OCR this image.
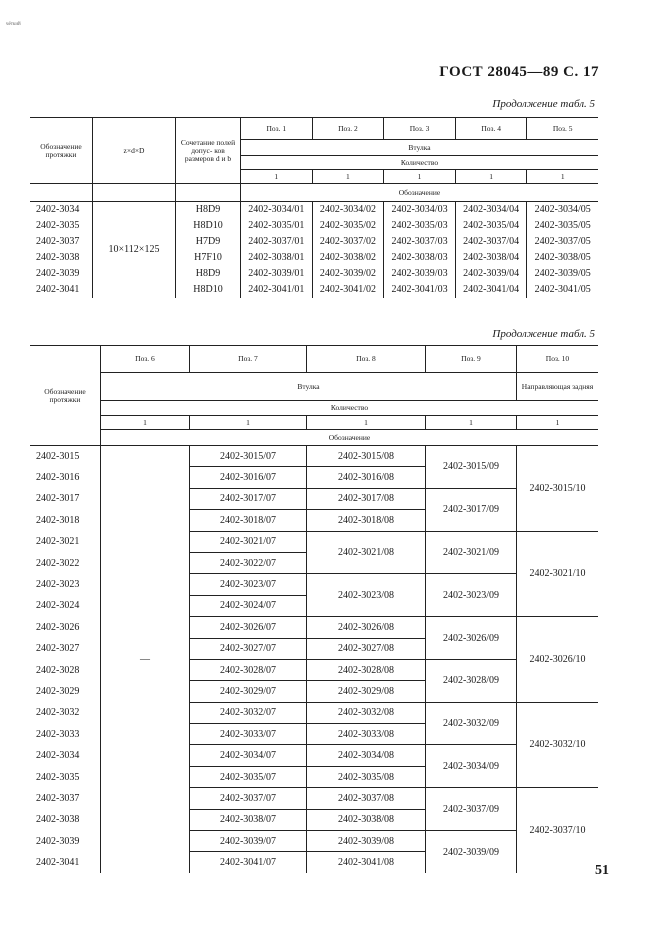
чёткий
ГОСТ 28045—89 С. 17
Продолжение табл. 5
Обозначение протяжки	z×d×D	Сочетание полей допус- ков размеров d и b	Поз. 1	Поз. 2	Поз. 3	Поз. 4	Поз. 5
			Втулка				
			Количество				
			1	1	1	1	1
			Обозначение				
2402-3034	10×112×125	H8D9	2402-3034/01	2402-3034/02	2402-3034/03	2402-3034/04	2402-3034/05
2402-3035		H8D10	2402-3035/01	2402-3035/02	2402-3035/03	2402-3035/04	2402-3035/05
2402-3037		H7D9	2402-3037/01	2402-3037/02	2402-3037/03	2402-3037/04	2402-3037/05
2402-3038		H7F10	2402-3038/01	2402-3038/02	2402-3038/03	2402-3038/04	2402-3038/05
2402-3039		H8D9	2402-3039/01	2402-3039/02	2402-3039/03	2402-3039/04	2402-3039/05
2402-3041		H8D10	2402-3041/01	2402-3041/02	2402-3041/03	2402-3041/04	2402-3041/05
Продолжение табл. 5
Обозначение протяжки	Поз. 6	Поз. 7	Поз. 8	Поз. 9	Поз. 10
	Втулка				Направляющая задняя
	Количество				
	1	1	1	1	1
	Обозначение				
2402-3015	—	2402-3015/07	2402-3015/08	2402-3015/09	2402-3015/10
2402-3016		2402-3016/07	2402-3016/08		
2402-3017		2402-3017/07	2402-3017/08	2402-3017/09	
2402-3018		2402-3018/07	2402-3018/08		
2402-3021		2402-3021/07	2402-3021/08	2402-3021/09	2402-3021/10
2402-3022		2402-3022/07			
2402-3023		2402-3023/07	2402-3023/08	2402-3023/09	
2402-3024		2402-3024/07			
2402-3026		2402-3026/07	2402-3026/08	2402-3026/09	2402-3026/10
2402-3027		2402-3027/07	2402-3027/08		
2402-3028		2402-3028/07	2402-3028/08	2402-3028/09	
2402-3029		2402-3029/07	2402-3029/08		
2402-3032		2402-3032/07	2402-3032/08	2402-3032/09	2402-3032/10
2402-3033		2402-3033/07	2402-3033/08		
2402-3034		2402-3034/07	2402-3034/08	2402-3034/09	
2402-3035		2402-3035/07	2402-3035/08		
2402-3037		2402-3037/07	2402-3037/08	2402-3037/09	2402-3037/10
2402-3038		2402-3038/07	2402-3038/08		
2402-3039		2402-3039/07	2402-3039/08	2402-3039/09	
2402-3041		2402-3041/07	2402-3041/08		
51
